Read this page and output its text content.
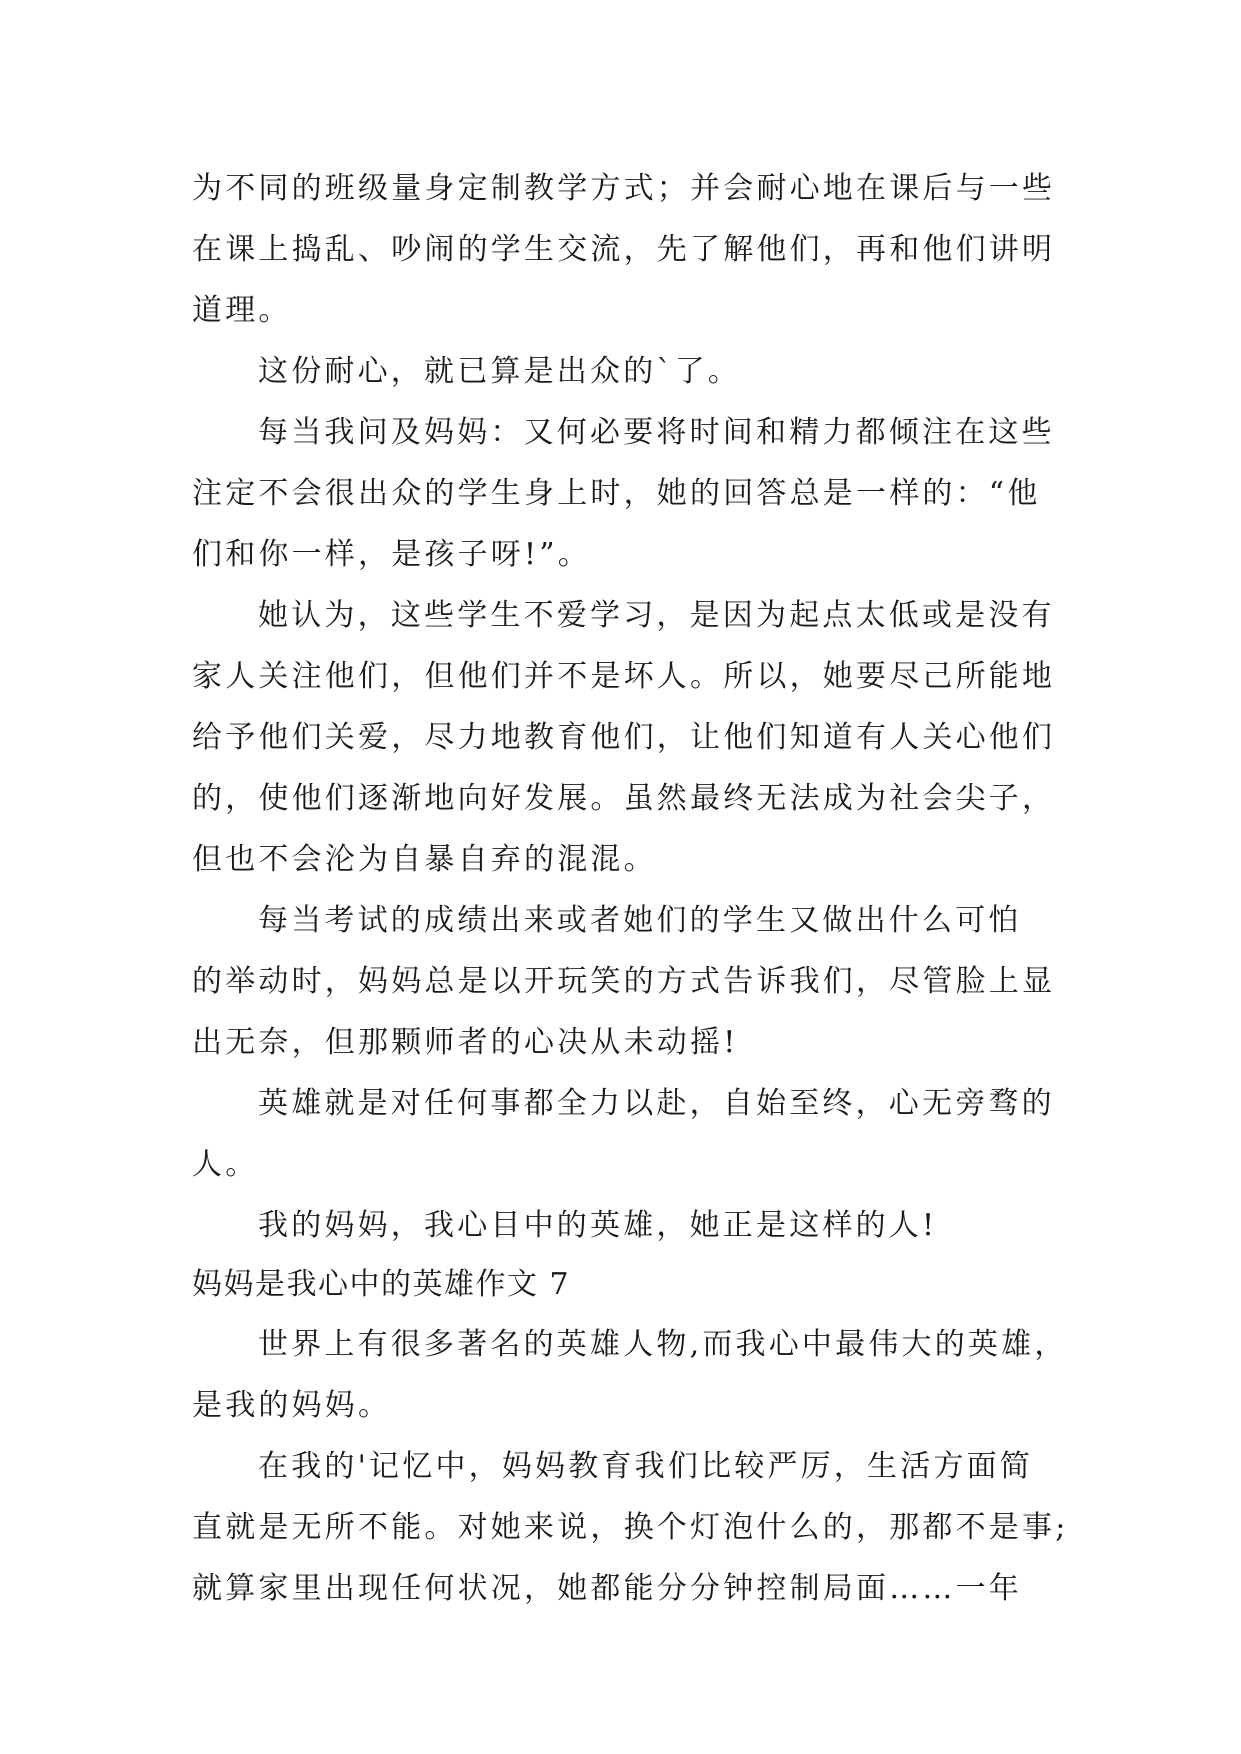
为不同的班级量身定制教学方式；并会耐心地在课后与一些
在课上捣乱、吵闹的学生交流，先了解他们，再和他们讲明
道理。
这份耐心，就已算是出众的`了。
每当我问及妈妈：又何必要将时间和精力都倾注在这些
注定不会很出众的学生身上时，她的回答总是一样的：“他
们和你一样，是孩子呀!”。
她认为，这些学生不爱学习，是因为起点太低或是没有
家人关注他们，但他们并不是坏人。所以，她要尽己所能地
给予他们关爱，尽力地教育他们，让他们知道有人关心他们
的，使他们逐渐地向好发展。虽然最终无法成为社会尖子，
但也不会沦为自暴自弃的混混。
每当考试的成绩出来或者她们的学生又做出什么可怕
的举动时，妈妈总是以开玩笑的方式告诉我们，尽管脸上显
出无奈，但那颗师者的心决从未动摇!
英雄就是对任何事都全力以赴，自始至终，心无旁骛的
人。
我的妈妈，我心目中的英雄，她正是这样的人!
妈妈是我心中的英雄作文 7
世界上有很多著名的英雄人物,而我心中最伟大的英雄，
是我的妈妈。
在我的'记忆中，妈妈教育我们比较严厉，生活方面简
直就是无所不能。对她来说，换个灯泡什么的，那都不是事;
就算家里出现任何状况，她都能分分钟控制局面……一年
